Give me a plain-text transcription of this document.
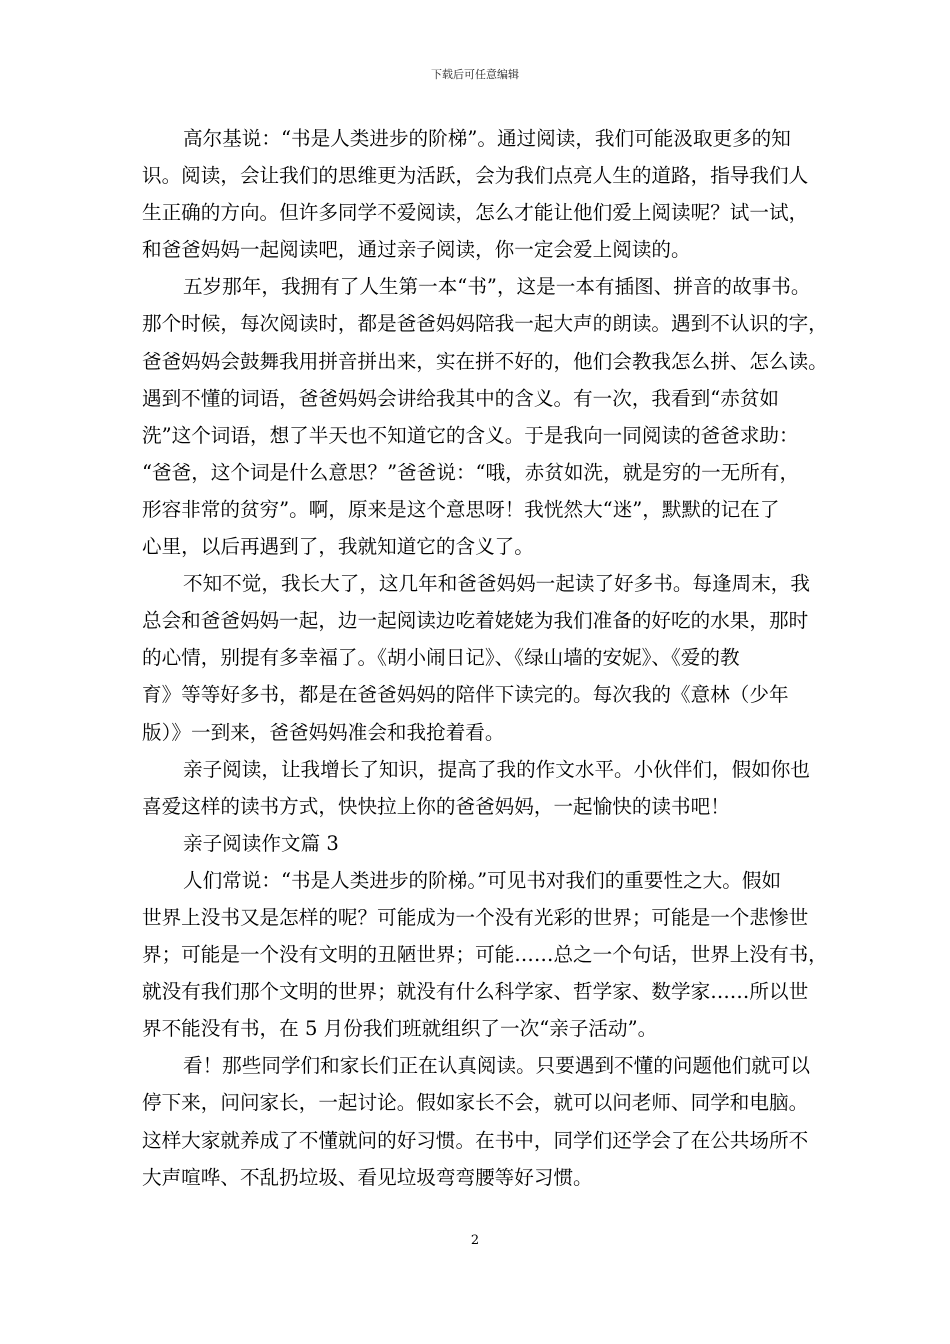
下载后可任意编辑
高尔基说：“书是人类进步的阶梯”。通过阅读，我们可能汲取更多的知
识。阅读，会让我们的思维更为活跃，会为我们点亮人生的道路，指导我们人
生正确的方向。但许多同学不爱阅读，怎么才能让他们爱上阅读呢？试一试，
和爸爸妈妈一起阅读吧，通过亲子阅读，你一定会爱上阅读的。
五岁那年，我拥有了人生第一本“书”，这是一本有插图、拼音的故事书。
那个时候，每次阅读时，都是爸爸妈妈陪我一起大声的朗读。遇到不认识的字，
爸爸妈妈会鼓舞我用拼音拼出来，实在拼不好的，他们会教我怎么拼、怎么读。
遇到不懂的词语，爸爸妈妈会讲给我其中的含义。有一次，我看到“赤贫如
洗”这个词语，想了半天也不知道它的含义。于是我向一同阅读的爸爸求助：
“爸爸，这个词是什么意思？”爸爸说：“哦，赤贫如洗，就是穷的一无所有，
形容非常的贫穷”。啊，原来是这个意思呀！我恍然大“迷”，默默的记在了
心里，以后再遇到了，我就知道它的含义了。
不知不觉，我长大了，这几年和爸爸妈妈一起读了好多书。每逢周末，我
总会和爸爸妈妈一起，边一起阅读边吃着姥姥为我们准备的好吃的水果，那时
的心情，别提有多幸福了。《胡小闹日记》、《绿山墙的安妮》、《爱的教
育》等等好多书，都是在爸爸妈妈的陪伴下读完的。每次我的《意林（少年
版）》一到来，爸爸妈妈准会和我抢着看。
亲子阅读，让我增长了知识，提高了我的作文水平。小伙伴们，假如你也
喜爱这样的读书方式，快快拉上你的爸爸妈妈，一起愉快的读书吧！
亲子阅读作文篇 3
人们常说：“书是人类进步的阶梯。”可见书对我们的重要性之大。假如
世界上没书又是怎样的呢？可能成为一个没有光彩的世界；可能是一个悲惨世
界；可能是一个没有文明的丑陋世界；可能……总之一个句话，世界上没有书，
就没有我们那个文明的世界；就没有什么科学家、哲学家、数学家……所以世
界不能没有书，在 5 月份我们班就组织了一次“亲子活动”。
看！那些同学们和家长们正在认真阅读。只要遇到不懂的问题他们就可以
停下来，问问家长，一起讨论。假如家长不会，就可以问老师、同学和电脑。
这样大家就养成了不懂就问的好习惯。在书中，同学们还学会了在公共场所不
大声喧哗、不乱扔垃圾、看见垃圾弯弯腰等好习惯。
2
